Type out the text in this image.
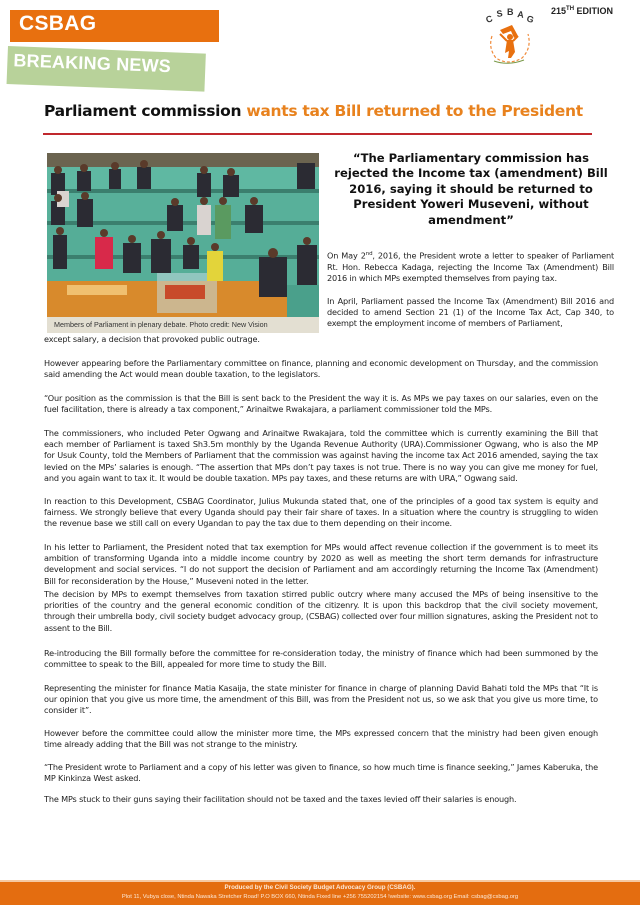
CSBAG
BREAKING NEWS
C S B A G
215TH EDITION
Parliament commission wants tax Bill returned to the President
Members of Parliament in plenary debate. Photo credit: New Vision
“The Parliamentary commission has rejected the Income tax (amendment) Bill 2016, saying it should be returned to President Yoweri Museveni, without amendment”
On May 2nd, 2016, the President wrote a letter to speaker of Parliament Rt. Hon. Rebecca Kadaga, rejecting the Income Tax (Amendment) Bill 2016 in which MPs exempted themselves from paying tax.
In April, Parliament passed the Income Tax (Amendment) Bill 2016 and decided to amend Section 21 (1) of the Income Tax Act, Cap 340, to exempt the employment income of members of Parliament,
except salary, a decision that provoked public outrage.
However appearing before the Parliamentary committee on finance, planning and economic development on Thursday, and the commission said amending the Act would mean double taxation, to the legislators.
“Our position as the commission is that the Bill is sent back to the President the way it is. As MPs we pay taxes on our salaries, even on the fuel facilitation, there is already a tax component,” Arinaitwe Rwakajara, a parliament commissioner told the MPs.
The commissioners, who included Peter Ogwang and Arinaitwe Rwakajara, told the committee which is currently examining the Bill that each member of Parliament is taxed Sh3.5m monthly by the Uganda Revenue Authority (URA).Commissioner Ogwang, who is also the MP for Usuk County, told the Members of Parliament that the commission was against having the income tax Act 2016 amended, saying the tax levied on the MPs’ salaries is enough. “The assertion that MPs don’t pay taxes is not true. There is no way you can give me money for fuel, and you again want to tax it. It would be double taxation. MPs pay taxes, and these returns are with URA,” Ogwang said.
In reaction to this Development, CSBAG Coordinator, Julius Mukunda stated that, one of the principles of a good tax system is equity and fairness. We strongly believe that every Uganda should pay their fair share of taxes. In a situation where the country is struggling to widen the revenue base we still call on every Ugandan to pay the tax due to them depending on their income.
In his letter to Parliament, the President noted that tax exemption for MPs would affect revenue collection if the government is to meet its ambition of transforming Uganda into a middle income country by 2020 as well as meeting the short term demands for infrastructure development and social services. “I do not support the decision of Parliament and am accordingly returning the Income Tax (Amendment) Bill for reconsideration by the House,” Museveni noted in the letter.
The decision by MPs to exempt themselves from taxation stirred public outcry where many accused the MPs of being insensitive to the priorities of the country and the general economic condition of the citizenry. It is upon this backdrop that the civil society movement, through their umbrella body, civil society budget advocacy group, (CSBAG) collected over four million signatures, asking the President not to assent to the Bill.
Re-introducing the Bill formally before the committee for re-consideration today, the ministry of finance which had been summoned by the committee to speak to the Bill, appealed for more time to study the Bill.
Representing the minister for finance Matia Kasaija, the state minister for finance in charge of planning David Bahati told the MPs that “It is our opinion that you give us more time, the amendment of this Bill, was from the President not us, so we ask that you give us more time, to consider it”.
However before the committee could allow the minister more time, the MPs expressed concern that the ministry had been given enough time already adding that the Bill was not strange to the ministry.
“The President wrote to Parliament and a copy of his letter was given to finance, so how much time is finance seeking,” James Kaberuka, the MP Kinkinza West asked.
The MPs stuck to their guns saying their facilitation should not be taxed and the taxes levied off their salaries is enough.
Produced by the Civil Society Budget Advocacy Group (CSBAG).
Plot 11, Vubya close, Ntinda Nawaka Stretcher Road! P.O BOX 660, Ntinda Fixed line +256 755202154 !website: www.csbag.org Email: csbag@csbag.org
